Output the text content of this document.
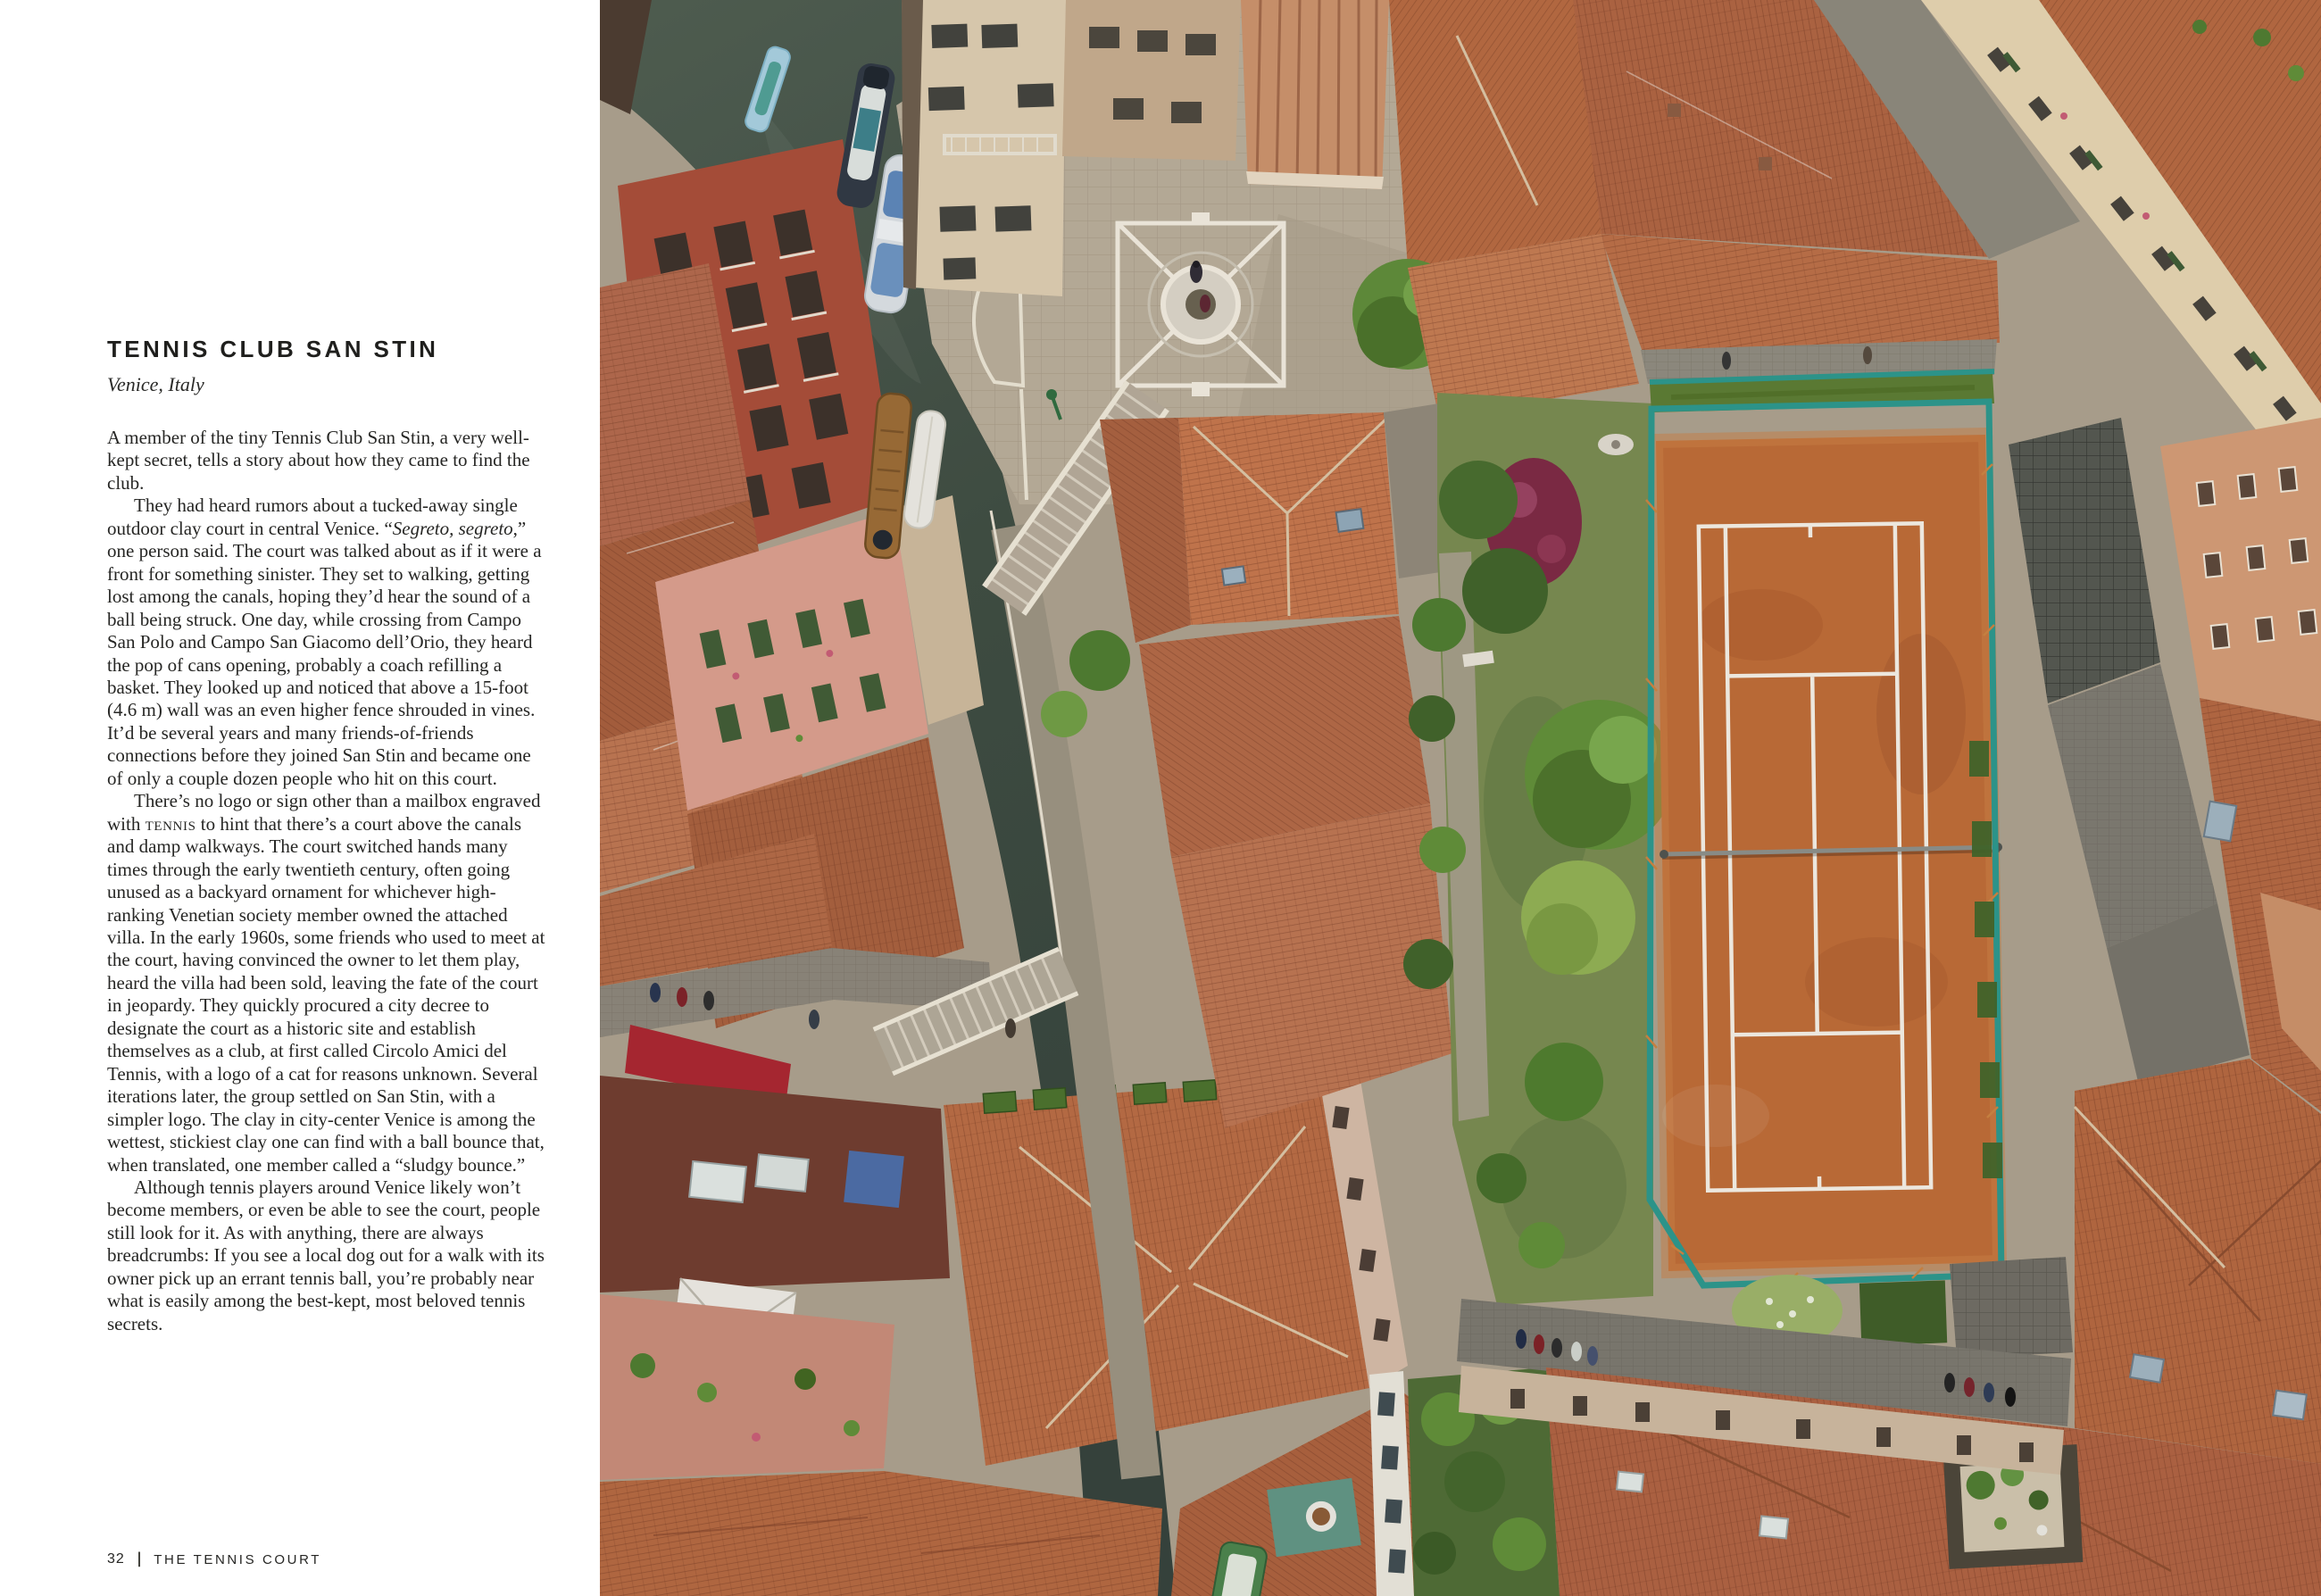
TENNIS CLUB SAN STIN
Venice, Italy

A member of the tiny Tennis Club San Stin, a very well-kept secret, tells a story about how they came to find the club.

They had heard rumors about a tucked-away single outdoor clay court in central Venice. “Segreto, segreto,” one person said. The court was talked about as if it were a front for something sinister. They set to walking, getting lost among the canals, hoping they’d hear the sound of a ball being struck. One day, while crossing from Campo San Polo and Campo San Giacomo dell’Orio, they heard the pop of cans opening, probably a coach refilling a basket. They looked up and noticed that above a 15-foot (4.6 m) wall was an even higher fence shrouded in vines. It’d be several years and many friends-of-friends connections before they joined San Stin and became one of only a couple dozen people who hit on this court.

There’s no logo or sign other than a mailbox engraved with tennis to hint that there’s a court above the canals and damp walkways. The court switched hands many times through the early twentieth century, often going unused as a backyard ornament for whichever high-ranking Venetian society member owned the attached villa. In the early 1960s, some friends who used to meet at the court, having convinced the owner to let them play, heard the villa had been sold, leaving the fate of the court in jeopardy. They quickly procured a city decree to designate the court as a historic site and establish themselves as a club, at first called Circolo Amici del Tennis, with a logo of a cat for reasons unknown. Several iterations later, the group settled on San Stin, with a simpler logo. The clay in city-center Venice is among the wettest, stickiest clay one can find with a ball bounce that, when translated, one member called a “sludgy bounce.”

Although tennis players around Venice likely won’t become members, or even be able to see the court, people still look for it. As with anything, there are always breadcrumbs: If you see a local dog out for a walk with its owner pick up an errant tennis ball, you’re probably near what is easily among the best-kept, most beloved tennis secrets.

32 | THE TENNIS COURT
